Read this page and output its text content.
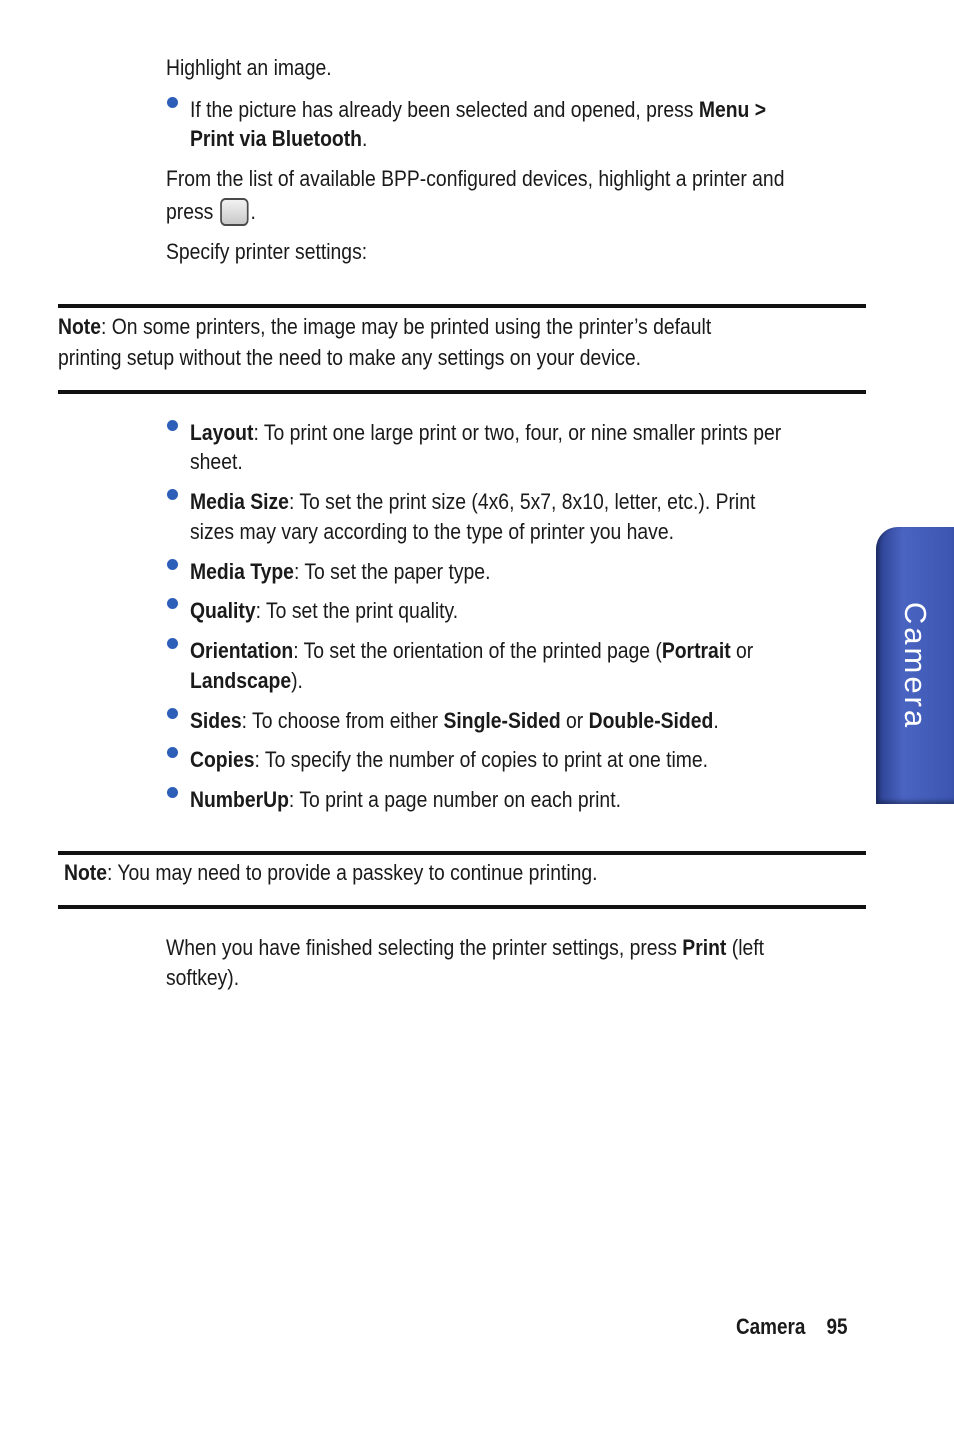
Highlight an image.
If the picture has already been selected and opened, press Menu >
Print via Bluetooth.
From the list of available BPP-configured devices, highlight a printer and
press .
Specify printer settings:
Note: On some printers, the image may be printed using the printer’s default
printing setup without the need to make any settings on your device.
Layout: To print one large print or two, four, or nine smaller prints per
sheet.
Media Size: To set the print size (4x6, 5x7, 8x10, letter, etc.). Print
sizes may vary according to the type of printer you have.
Media Type: To set the paper type.
Quality: To set the print quality.
Orientation: To set the orientation of the printed page (Portrait or
Landscape).
Sides: To choose from either Single-Sided or Double-Sided.
Copies: To specify the number of copies to print at one time.
NumberUp: To print a page number on each print.
Note: You may need to provide a passkey to continue printing.
When you have finished selecting the printer settings, press Print (left
softkey).
Camera
Camera 95
